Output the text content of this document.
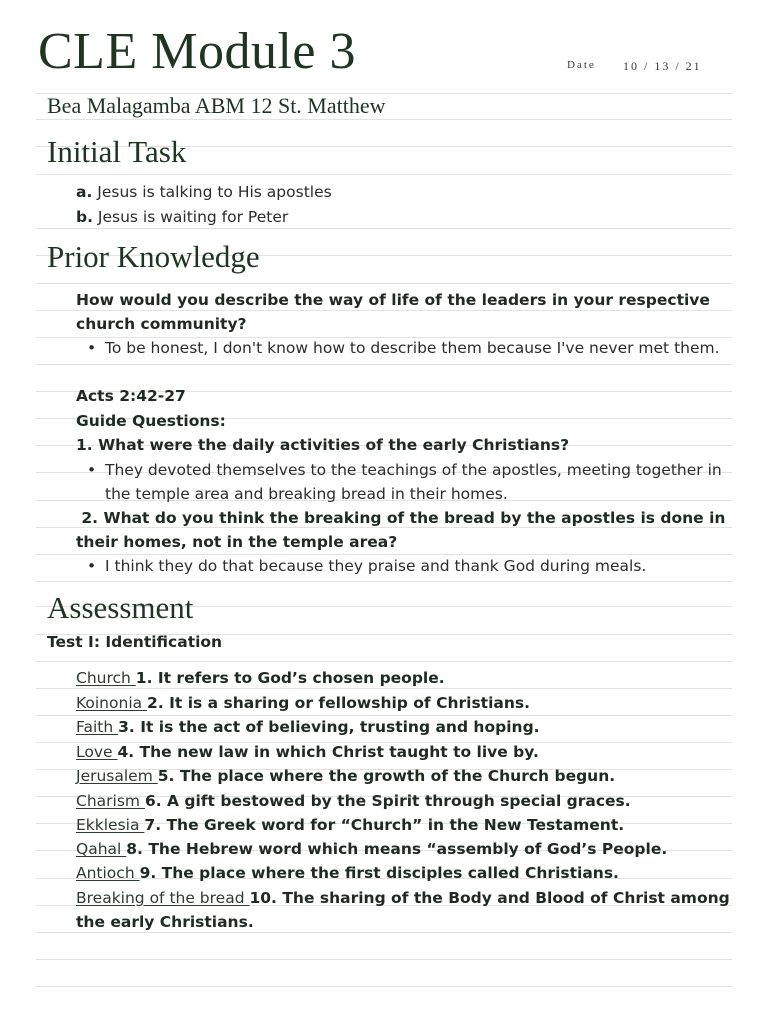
CLE Module 3	Date 10 / 13 / 21
Bea Malagamba ABM 12 St. Matthew
Initial Task
a. Jesus is talking to His apostles
b. Jesus is waiting for Peter
Prior Knowledge
How would you describe the way of life of the leaders in your respective
church community?
• To be honest, I don't know how to describe them because I've never met them.
Acts 2:42-27
Guide Questions:
1. What were the daily activities of the early Christians?
• They devoted themselves to the teachings of the apostles, meeting together in
the temple area and breaking bread in their homes.
2. What do you think the breaking of the bread by the apostles is done in
their homes, not in the temple area?
• I think they do that because they praise and thank God during meals.
Assessment
Test I: Identification
Church 1. It refers to God’s chosen people.
Koinonia 2. It is a sharing or fellowship of Christians.
Faith 3. It is the act of believing, trusting and hoping.
Love 4. The new law in which Christ taught to live by.
Jerusalem 5. The place where the growth of the Church begun.
Charism 6. A gift bestowed by the Spirit through special graces.
Ekklesia 7. The Greek word for “Church” in the New Testament.
Qahal 8. The Hebrew word which means “assembly of God’s People.
Antioch 9. The place where the first disciples called Christians.
Breaking of the bread 10. The sharing of the Body and Blood of Christ among
the early Christians.
